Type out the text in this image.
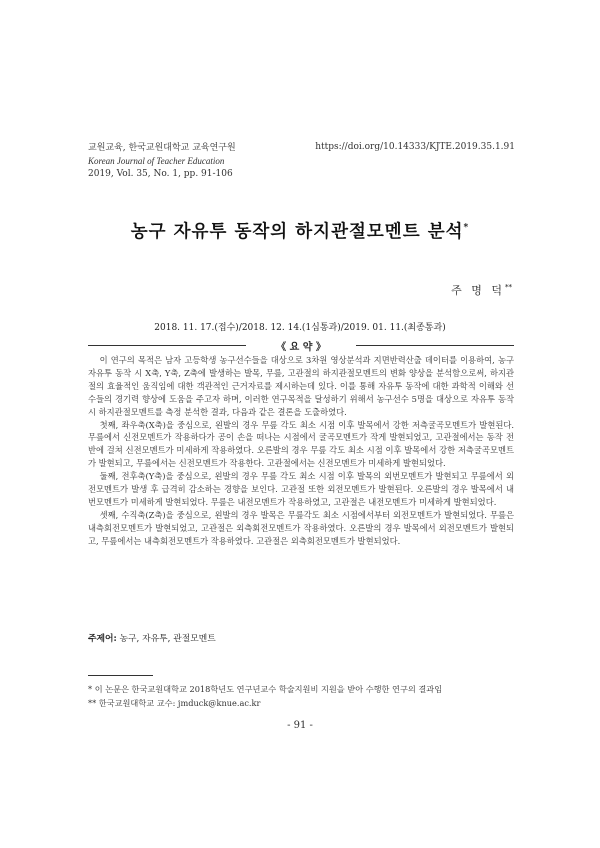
교원교육, 한국교원대학교 교육연구원
Korean Journal of Teacher Education
2019, Vol. 35, No. 1, pp. 91-106
https://doi.org/10.14333/KJTE.2019.35.1.91
농구 자유투 동작의 하지관절모멘트 분석*
주 명 덕**
2018. 11. 17.(접수)/2018. 12. 14.(1심통과)/2019. 01. 11.(최종통과)
《 요 약 》

이 연구의 목적은 남자 고등학생 농구선수들을 대상으로 3차원 영상분석과 지면반력산출 데이터를 이용하여, 농구 자유투 동작 시 X축, Y축, Z축에 발생하는 발목, 무릎, 고관절의 하지관절모멘트의 변화 양상을 분석함으로써, 하지관절의 효율적인 움직임에 대한 객관적인 근거자료를 제시하는데 있다. 이를 통해 자유투 동작에 대한 과학적 이해와 선수들의 경기력 향상에 도움을 주고자 하며, 이러한 연구목적을 달성하기 위해서 농구선수 5명을 대상으로 자유투 동작 시 하지관절모멘트를 측정 분석한 결과, 다음과 같은 결론을 도출하였다.

첫째, 좌우축(X축)을 중심으로, 왼발의 경우 무릎 각도 최소 시점 이후 발목에서 강한 저측굴곡모멘트가 발현된다. 무릎에서 신전모멘트가 작용하다가 공이 손을 떠나는 시점에서 굴곡모멘트가 작게 발현되었고, 고관절에서는 동작 전반에 걸쳐 신전모멘트가 미세하게 작용하였다. 오른발의 경우 무릎 각도 최소 시점 이후 발목에서 강한 저측굴곡모멘트가 발현되고, 무릎에서는 신전모멘트가 작용한다. 고관절에서는 신전모멘트가 미세하게 발현되었다.

둘째, 전후축(Y축)을 중심으로, 왼발의 경우 무릎 각도 최소 시점 이후 발목의 외번모멘트가 발현되고 무릎에서 외전모멘트가 발생 후 급격히 감소하는 경향을 보인다. 고관절 또한 외전모멘트가 발현된다. 오른발의 경우 발목에서 내번모멘트가 미세하게 발현되었다. 무릎은 내전모멘트가 작용하였고, 고관절은 내전모멘트가 미세하게 발현되었다.

셋째, 수직축(Z축)을 중심으로, 왼발의 경우 발목은 무릎각도 최소 시점에서부터 외전모멘트가 발현되었다. 무릎은 내측회전모멘트가 발현되었고, 고관절은 외측회전모멘트가 작용하였다. 오른발의 경우 발목에서 외전모멘트가 발현되고, 무릎에서는 내측회전모멘트가 작용하였다. 고관절은 외측회전모멘트가 발현되었다.

주제어: 농구, 자유투, 관절모멘트
* 이 논문은 한국교원대학교 2018학년도 연구년교수 학술지원비 지원을 받아 수행한 연구의 결과임
** 한국교원대학교 교수: jmduck@knue.ac.kr
- 91 -
